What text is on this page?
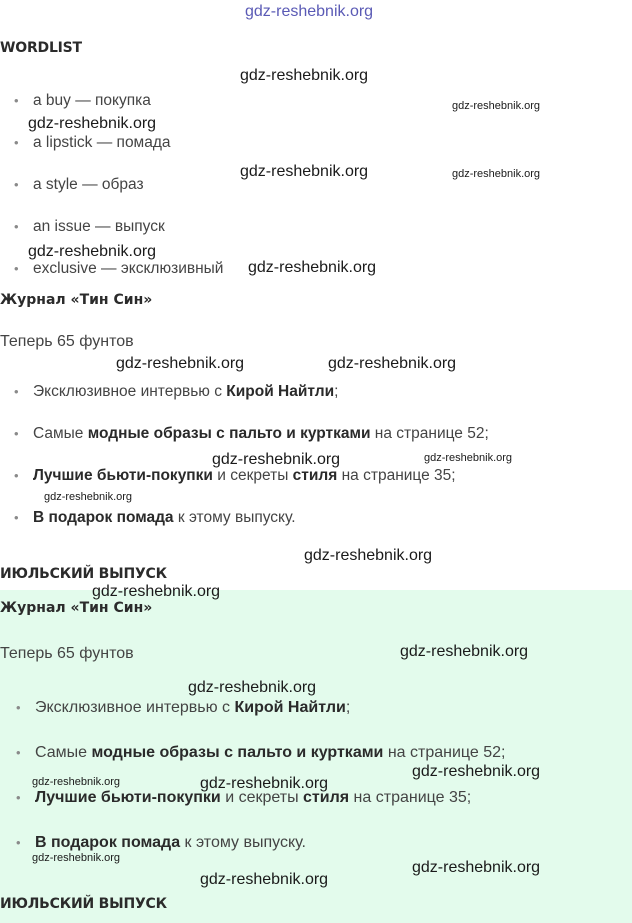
WORDLIST
• a buy — покупка
• a lipstick — помада
• a style — образ
• an issue — выпуск
• exclusive — эксклюзивный
Журнал «Тин Син»
Теперь 65 фунтов
• Эксклюзивное интервью с Кирой Найтли;
• Самые модные образы с пальто и куртками на странице 52;
• Лучшие бьюти-покупки и секреты стиля на странице 35;
• В подарок помада к этому выпуску.
ИЮЛЬСКИЙ ВЫПУСК
Журнал «Тин Син»
Теперь 65 фунтов
• Эксклюзивное интервью с Кирой Найтли;
• Самые модные образы с пальто и куртками на странице 52;
• Лучшие бьюти-покупки и секреты стиля на странице 35;
• В подарок помада к этому выпуску.
ИЮЛЬСКИЙ ВЫПУСК
gdz-reshebnik.org
gdz-reshebnik.org
gdz-reshebnik.org
gdz-reshebnik.org
gdz-reshebnik.org	gdz-reshebnik.org
gdz-reshebnik.org
gdz-reshebnik.org
gdz-reshebnik.org	gdz-reshebnik.org
gdz-reshebnik.org	gdz-reshebnik.org
gdz-reshebnik.org
gdz-reshebnik.org
gdz-reshebnik.org
gdz-reshebnik.org
gdz-reshebnik.org
gdz-reshebnik.org
gdz-reshebnik.org	gdz-reshebnik.org
gdz-reshebnik.org
gdz-reshebnik.org
gdz-reshebnik.org
